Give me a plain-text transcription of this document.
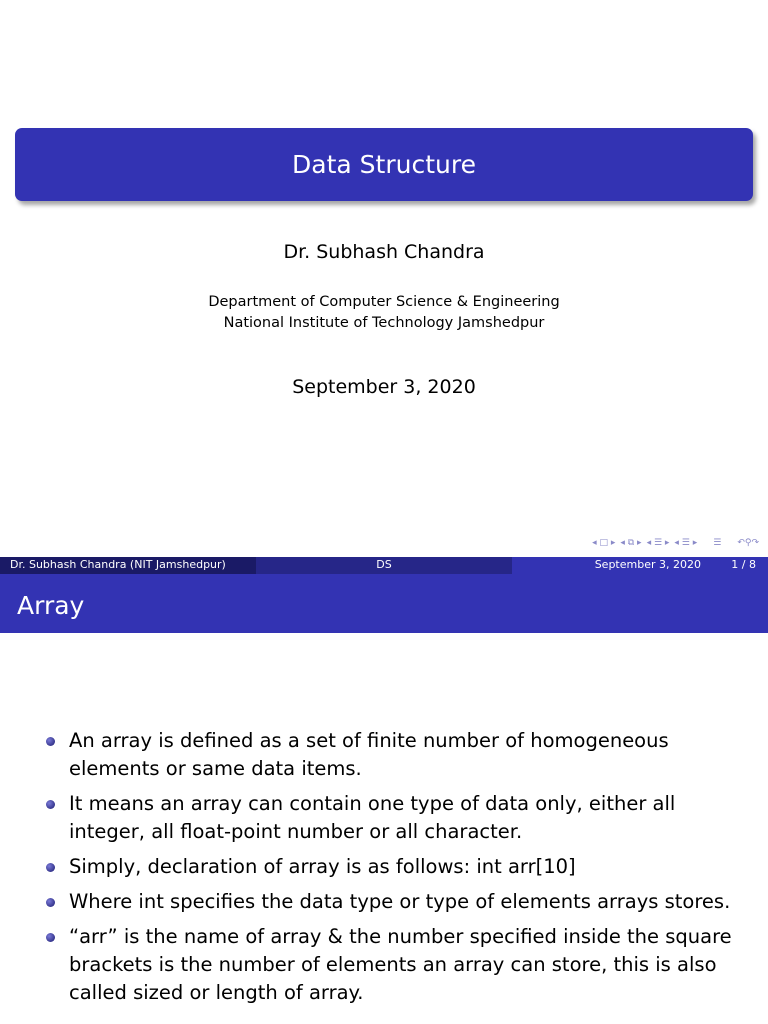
Data Structure
Dr. Subhash Chandra
Department of Computer Science & Engineering
National Institute of Technology Jamshedpur
September 3, 2020
◂ □ ▸ ◂ ⧉ ▸ ◂ ☰ ▸ ◂ ☰ ▸ ☰ ↶⚲↷
Dr. Subhash Chandra (NIT Jamshedpur)	DS	September 3, 2020	1 / 8
Array
An array is defined as a set of finite number of homogeneous elements or same data items.
It means an array can contain one type of data only, either all integer, all float-point number or all character.
Simply, declaration of array is as follows: int arr[10]
Where int specifies the data type or type of elements arrays stores.
“arr” is the name of array & the number specified inside the square brackets is the number of elements an array can store, this is also called sized or length of array.
